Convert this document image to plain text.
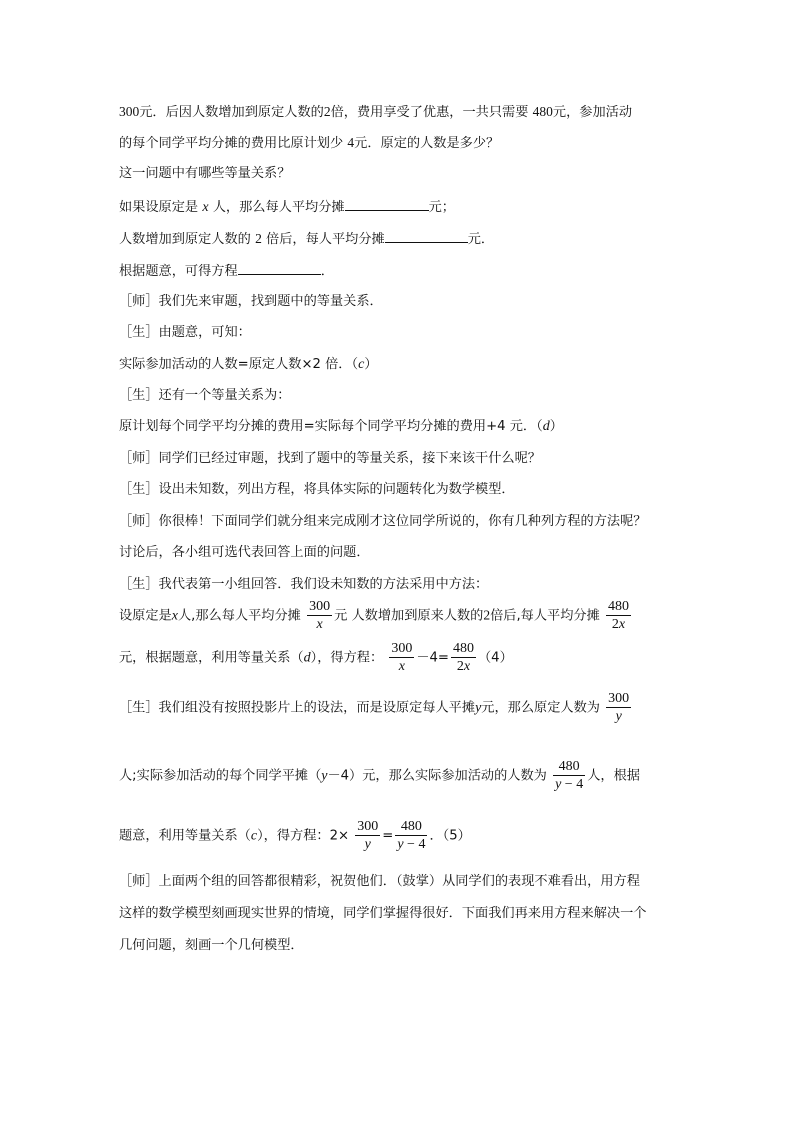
300元．后因人数增加到原定人数的2倍，费用享受了优惠，一共只需要 480元，参加活动
的每个同学平均分摊的费用比原计划少 4元．原定的人数是多少？
这一问题中有哪些等量关系？
如果设原定是 x 人，那么每人平均分摊	元；
人数增加到原定人数的 2 倍后，每人平均分摊	元．
根据题意，可得方程	．
［师］我们先来审题，找到题中的等量关系．
［生］由题意，可知：
实际参加活动的人数=原定人数×2 倍．（c）
［生］还有一个等量关系为：
原计划每个同学平均分摊的费用=实际每个同学平均分摊的费用+4 元．（d）
［师］同学们已经过审题，找到了题中的等量关系，接下来该干什么呢？
［生］设出未知数，列出方程，将具体实际的问题转化为数学模型．
［师］你很棒！下面同学们就分组来完成刚才这位同学所说的，你有几种列方程的方法呢？
讨论后，各小组可选代表回答上面的问题．
［生］我代表第一小组回答．我们设未知数的方法采用中方法：
设原定是x人,那么每人平均分摊 $\frac{300}{x}$ 元 人数增加到原来人数的2倍后,每人平均分摊 $\frac{480}{2x}$
元，根据题意，利用等量关系（d），得方程： $\frac{300}{x} -4= \frac{480}{2x} (4)$
［生］我们组没有按照投影片上的设法，而是设原定每人平摊y元，那么原定人数为 $\frac{300}{y}$
人;实际参加活动的每个同学平摊（y－4）元，那么实际参加活动的人数为 $\frac{480}{y - 4}$ 人，根据
题意，利用等量关系（c），得方程：$2\times \frac{300}{y} = \frac{480}{y - 4}$ ．（5）
［师］上面两个组的回答都很精彩，祝贺他们．（鼓掌）从同学们的表现不难看出，用方程
这样的数学模型刻画现实世界的情境，同学们掌握得很好．下面我们再来用方程来解决一个
几何问题，刻画一个几何模型．
